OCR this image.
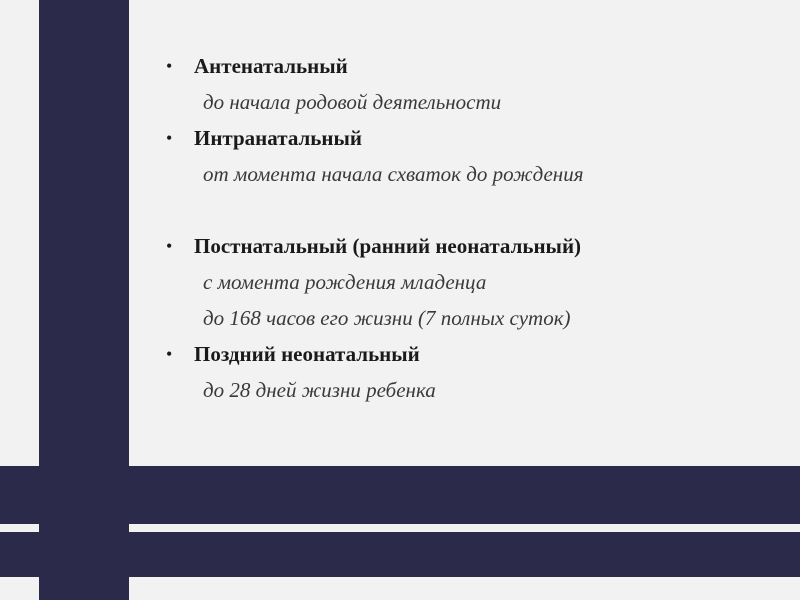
• Антенатальный
до начала родовой деятельности
• Интранатальный
от момента начала схваток до рождения
• Постнатальный (ранний неонатальный)
с момента рождения младенца
до 168 часов его жизни (7 полных суток)
• Поздний неонатальный
до 28 дней жизни ребенка
